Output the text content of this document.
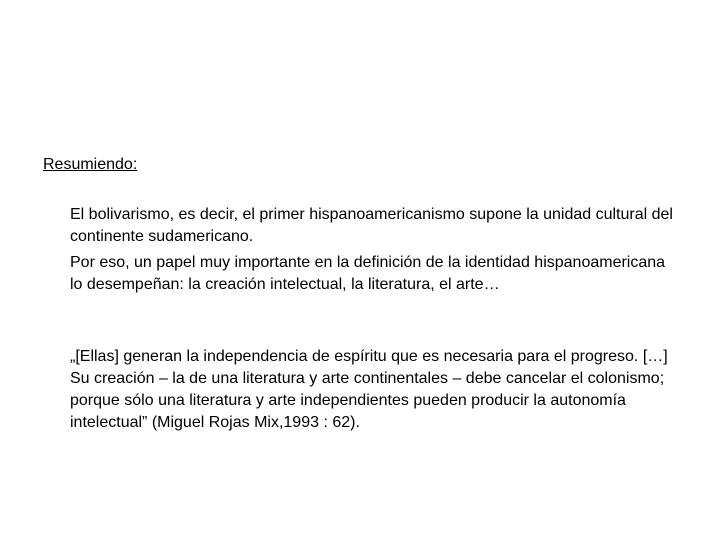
Resumiendo:

El bolivarismo, es decir, el primer hispanoamericanismo supone la unidad cultural del continente sudamericano.

Por eso, un papel muy importante en la definición de la identidad hispanoamericana lo desempeñan: la creación intelectual, la literatura, el arte…

„[Ellas] generan la independencia de espíritu que es necesaria para el progreso. […] Su creación – la de una literatura y arte continentales – debe cancelar el colonismo; porque sólo una literatura y arte independientes pueden producir la autonomía intelectual” (Miguel Rojas Mix,1993 : 62).
